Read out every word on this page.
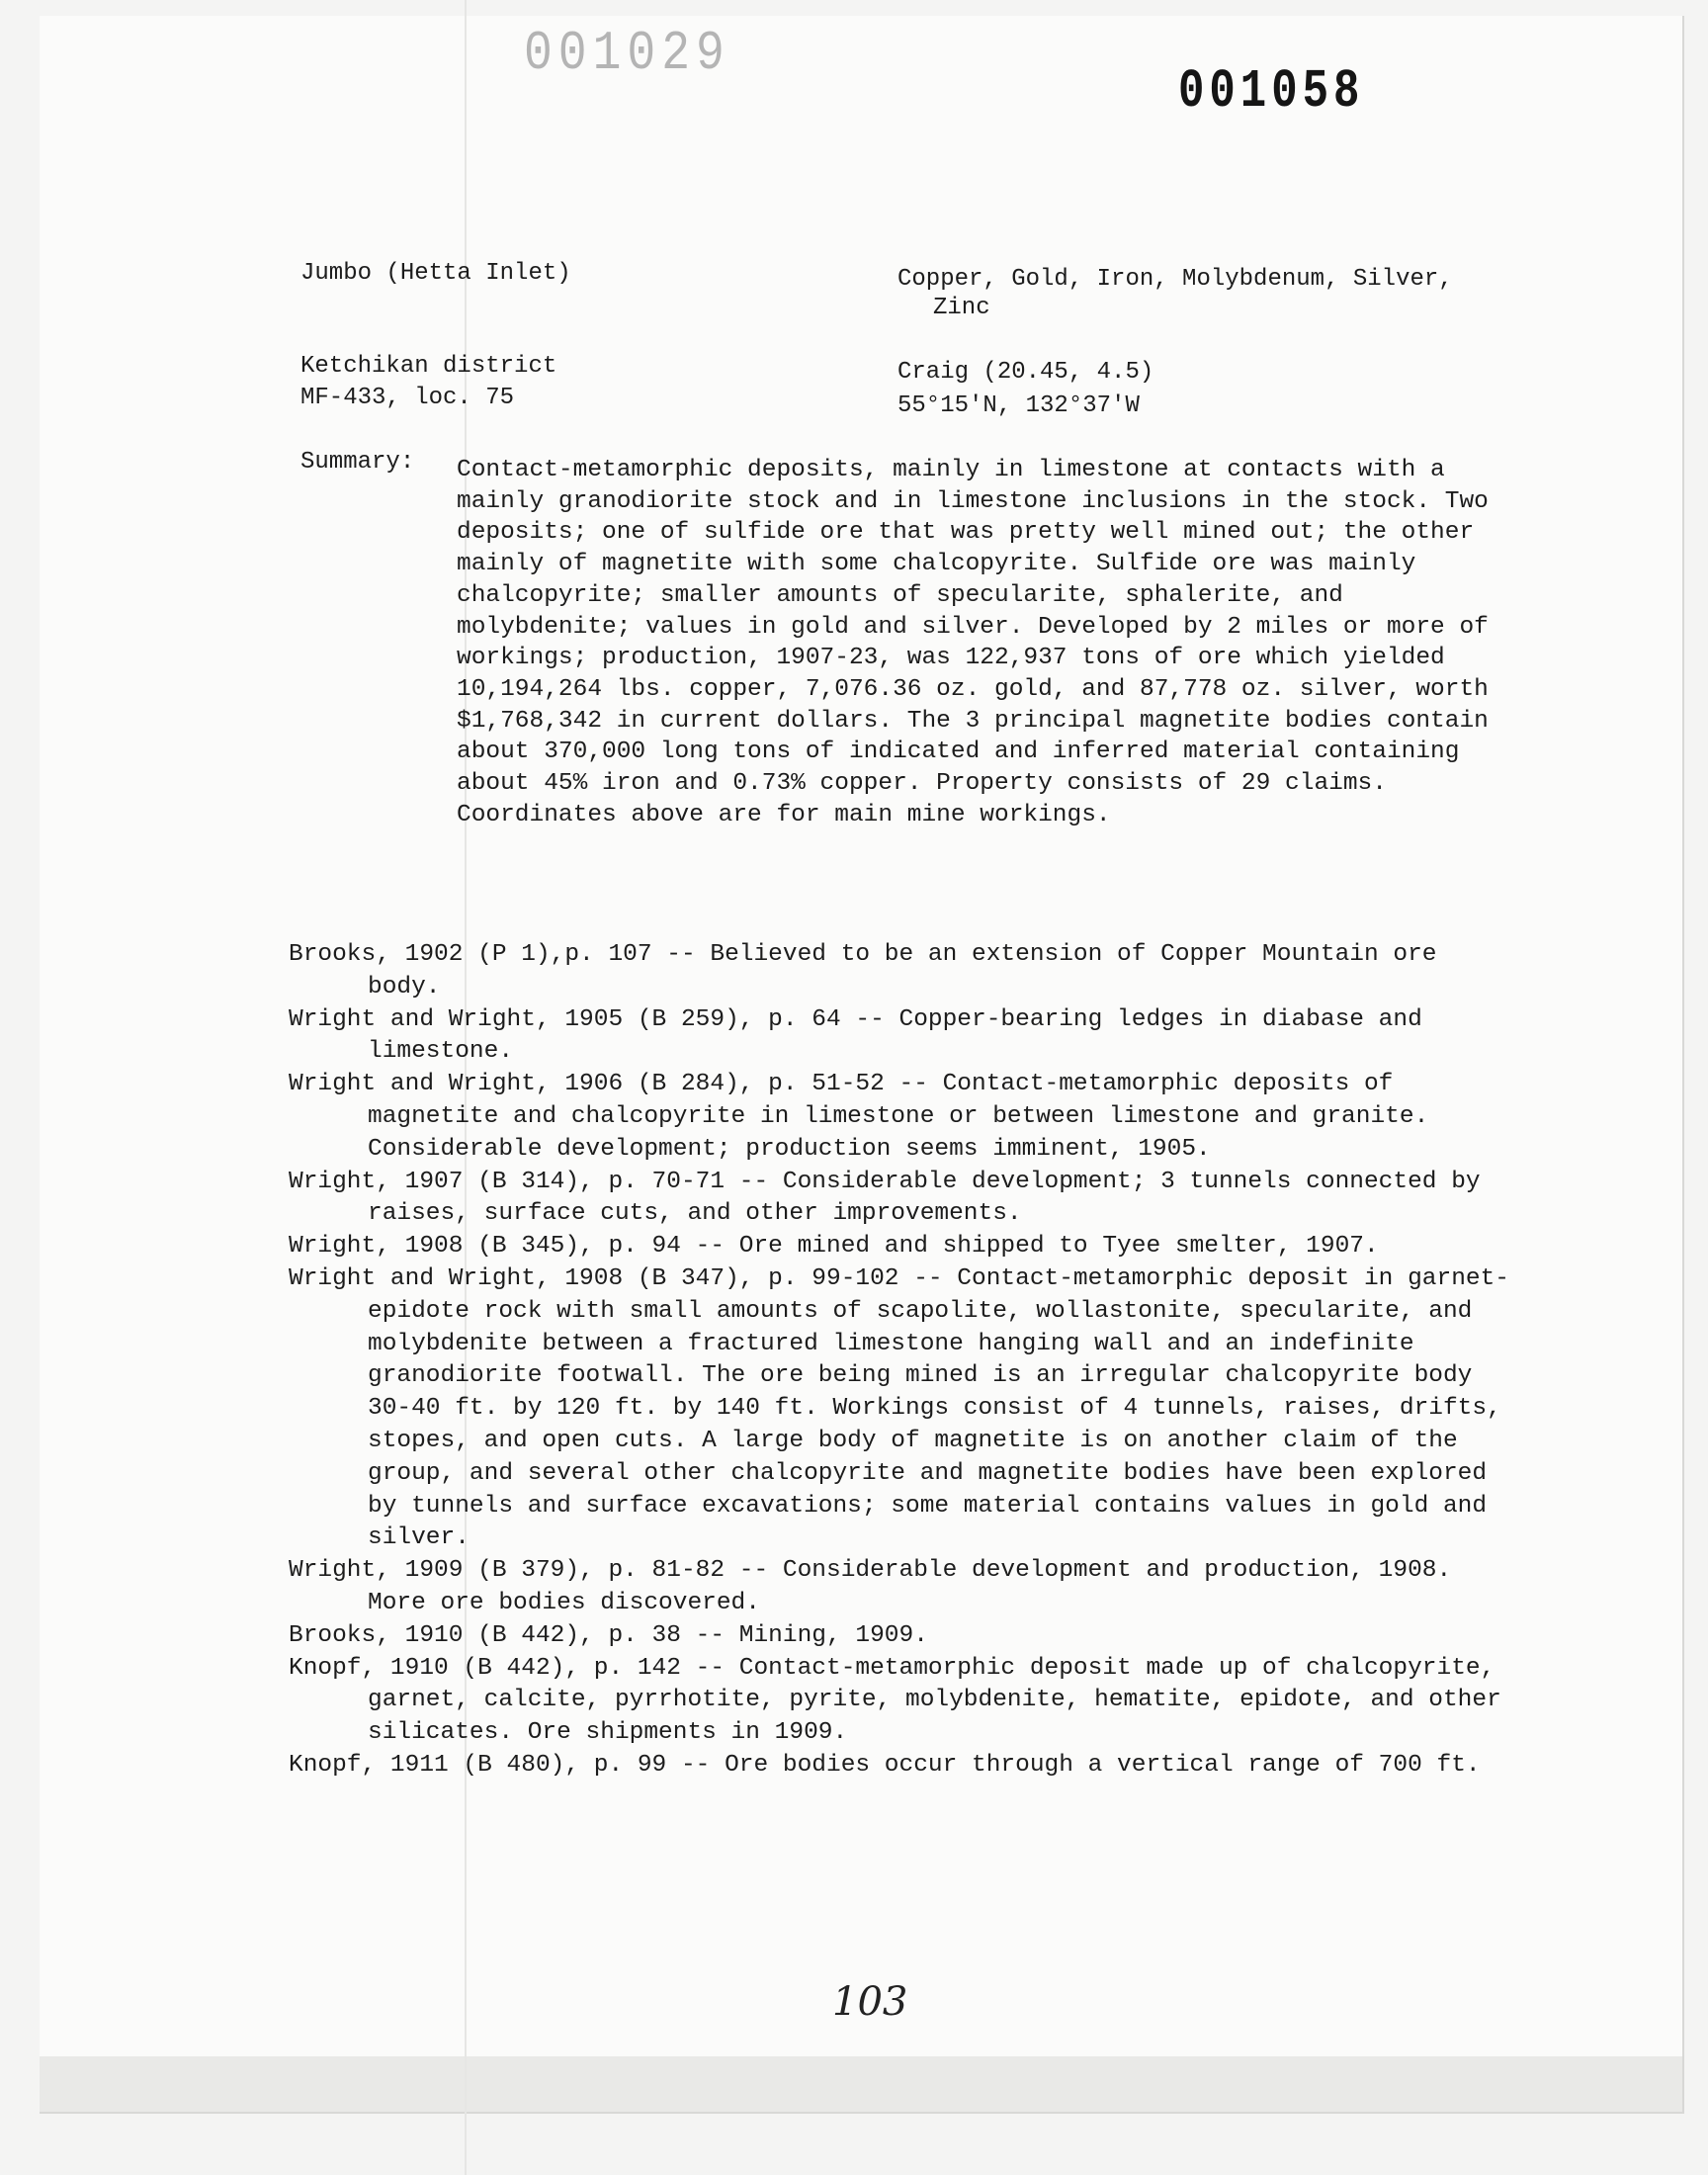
001029
001058
Jumbo (Hetta Inlet)	Copper, Gold, Iron, Molybdenum, Silver,
Zinc
Ketchikan district
MF-433, loc. 75
Craig (20.45, 4.5)
55°15'N, 132°37'W
Summary: Contact-metamorphic deposits, mainly in limestone at contacts with a mainly granodiorite stock and in limestone inclusions in the stock. Two deposits; one of sulfide ore that was pretty well mined out; the other mainly of magnetite with some chalcopyrite. Sulfide ore was mainly chalcopyrite; smaller amounts of specularite, sphalerite, and molybdenite; values in gold and silver. Developed by 2 miles or more of workings; production, 1907-23, was 122,937 tons of ore which yielded 10,194,264 lbs. copper, 7,076.36 oz. gold, and 87,778 oz. silver, worth $1,768,342 in current dollars. The 3 principal magnetite bodies contain about 370,000 long tons of indicated and inferred material containing about 45% iron and 0.73% copper. Property consists of 29 claims. Coordinates above are for main mine workings.

Brooks, 1902 (P 1),p. 107 -- Believed to be an extension of Copper Mountain ore body.
Wright and Wright, 1905 (B 259), p. 64 -- Copper-bearing ledges in diabase and limestone.
Wright and Wright, 1906 (B 284), p. 51-52 -- Contact-metamorphic deposits of magnetite and chalcopyrite in limestone or between limestone and granite. Considerable development; production seems imminent, 1905.
Wright, 1907 (B 314), p. 70-71 -- Considerable development; 3 tunnels connected by raises, surface cuts, and other improvements.
Wright, 1908 (B 345), p. 94 -- Ore mined and shipped to Tyee smelter, 1907.
Wright and Wright, 1908 (B 347), p. 99-102 -- Contact-metamorphic deposit in garnet-epidote rock with small amounts of scapolite, wollastonite, specularite, and molybdenite between a fractured limestone hanging wall and an indefinite granodiorite footwall. The ore being mined is an irregular chalcopyrite body 30-40 ft. by 120 ft. by 140 ft. Workings consist of 4 tunnels, raises, drifts, stopes, and open cuts. A large body of magnetite is on another claim of the group, and several other chalcopyrite and magnetite bodies have been explored by tunnels and surface excavations; some material contains values in gold and silver.
Wright, 1909 (B 379), p. 81-82 -- Considerable development and production, 1908. More ore bodies discovered.
Brooks, 1910 (B 442), p. 38 -- Mining, 1909.
Knopf, 1910 (B 442), p. 142 -- Contact-metamorphic deposit made up of chalcopyrite, garnet, calcite, pyrrhotite, pyrite, molybdenite, hematite, epidote, and other silicates. Ore shipments in 1909.
Knopf, 1911 (B 480), p. 99 -- Ore bodies occur through a vertical range of 700 ft.
103
